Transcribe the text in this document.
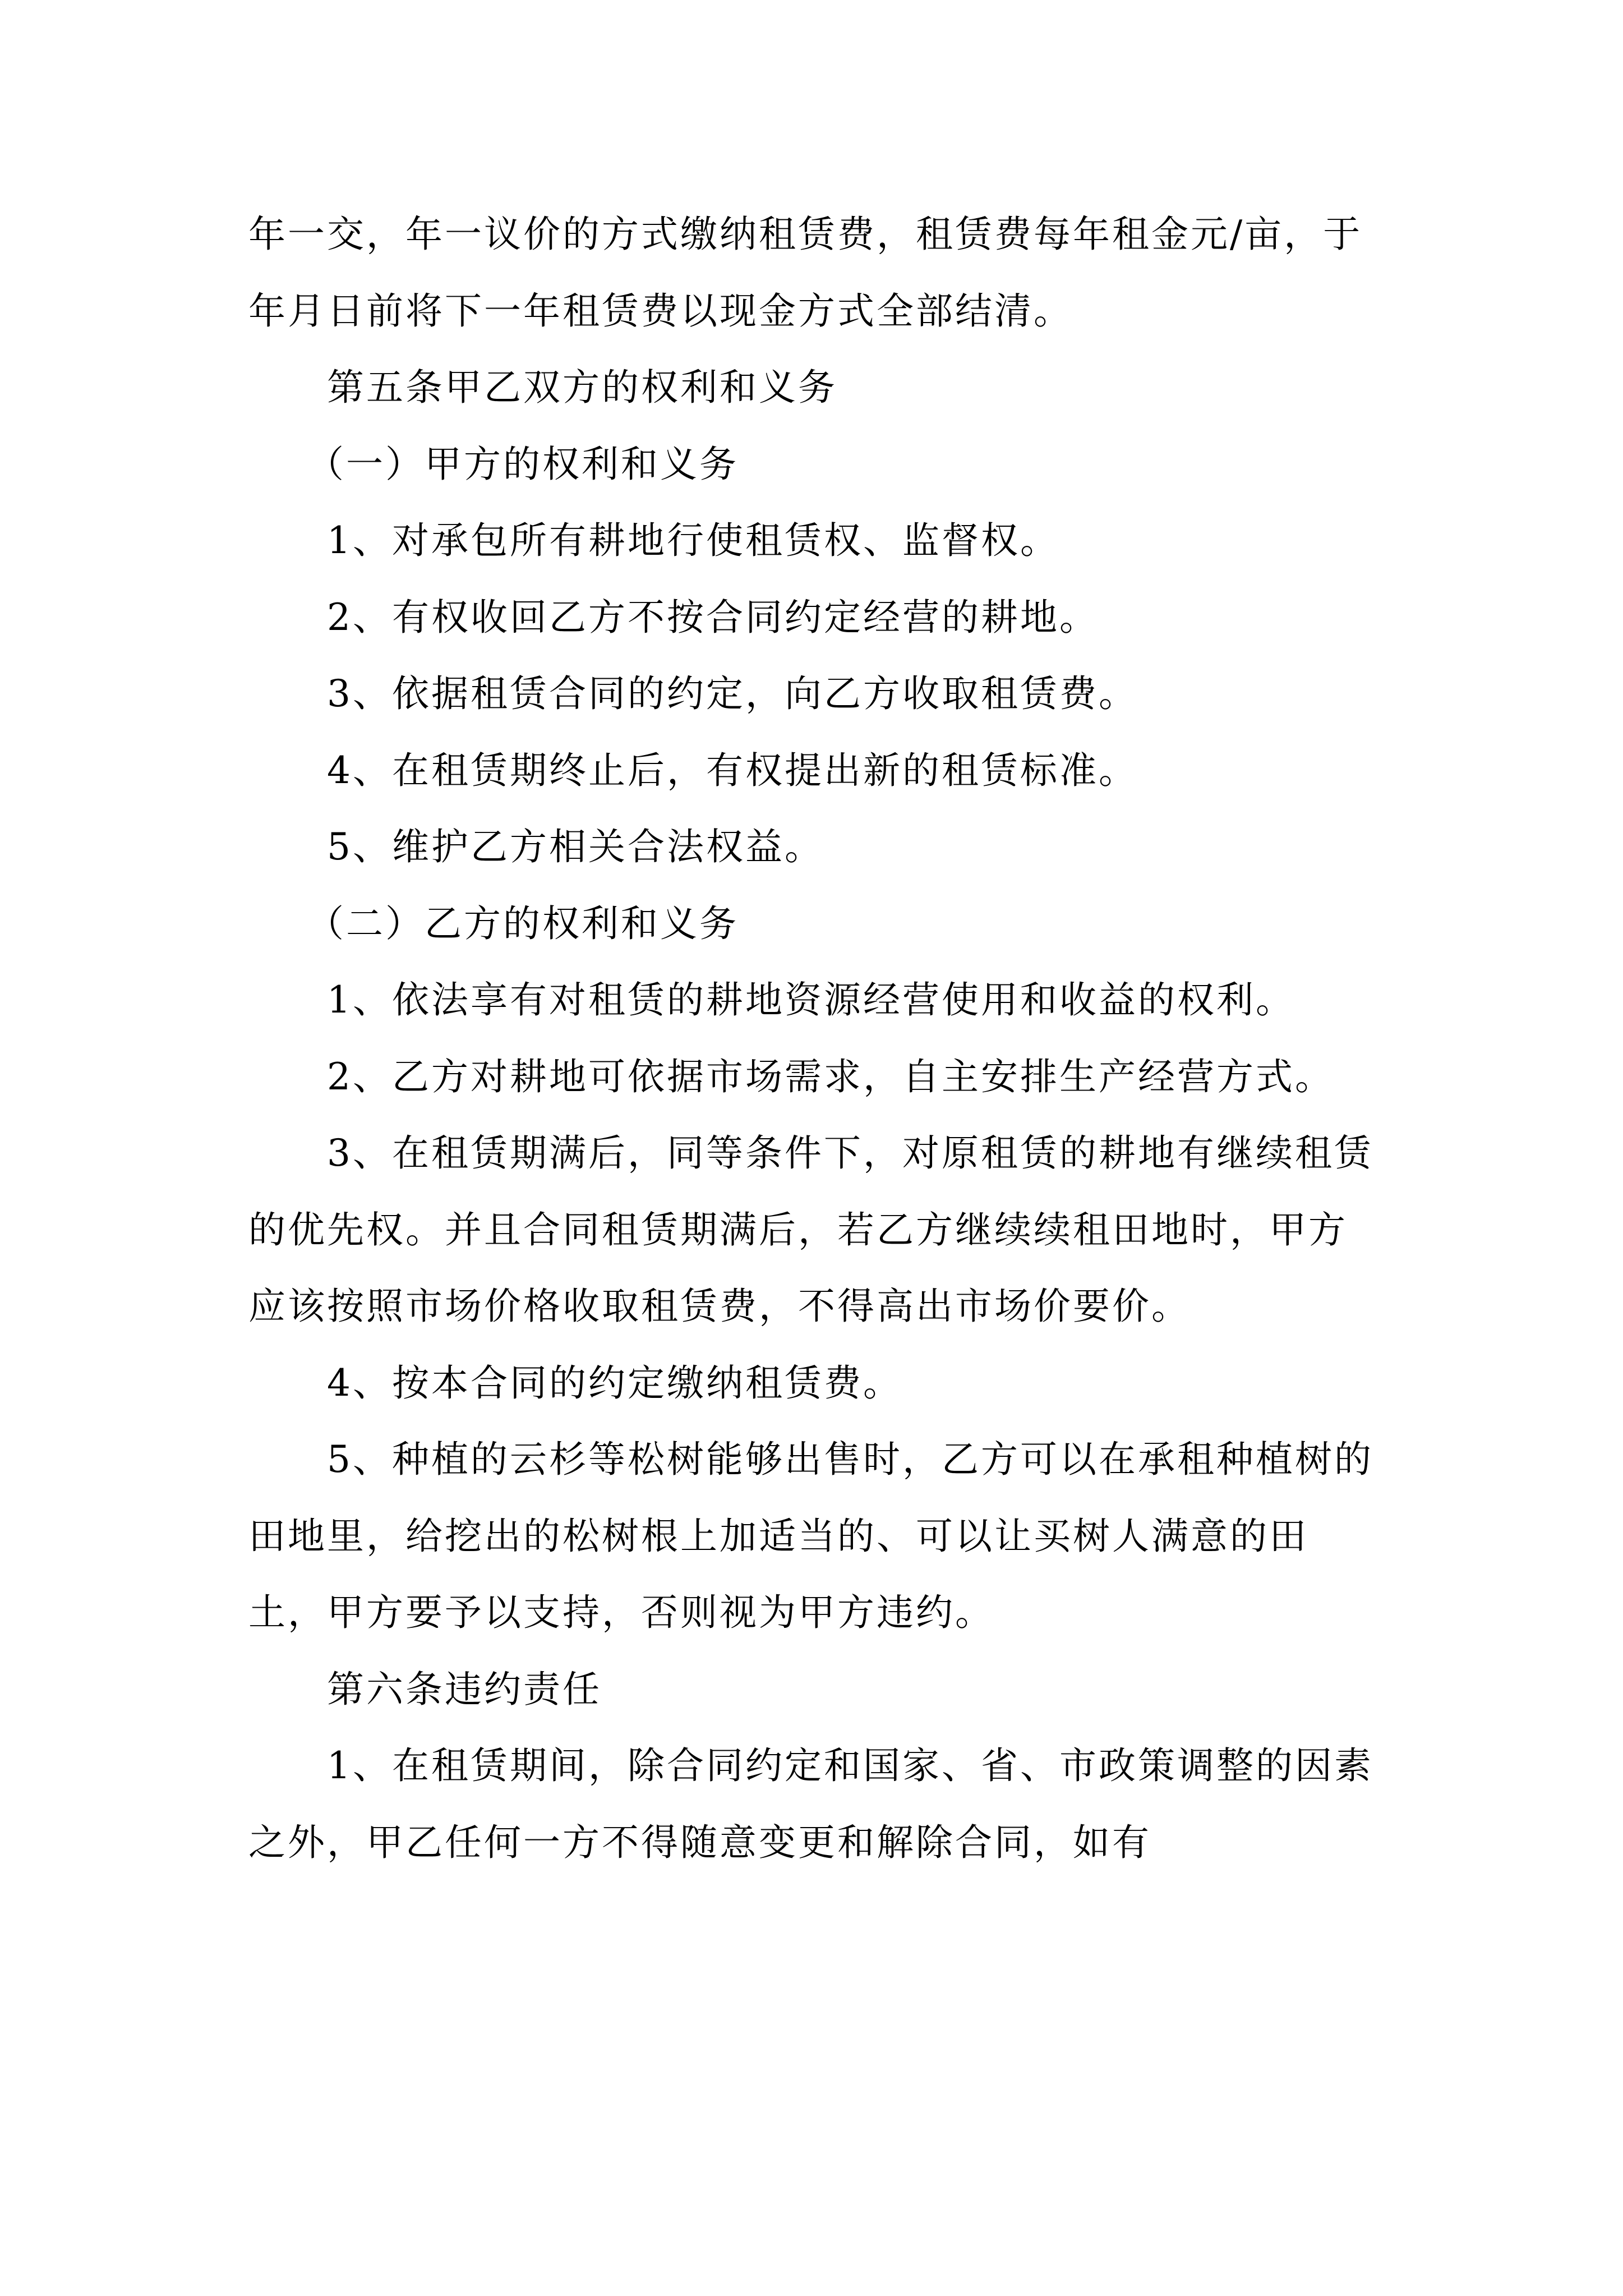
年一交，年一议价的方式缴纳租赁费，租赁费每年租金元/亩，于年月日前将下一年租赁费以现金方式全部结清。

第五条甲乙双方的权利和义务

（一）甲方的权利和义务

1、对承包所有耕地行使租赁权、监督权。

2、有权收回乙方不按合同约定经营的耕地。

3、依据租赁合同的约定，向乙方收取租赁费。

4、在租赁期终止后，有权提出新的租赁标准。

5、维护乙方相关合法权益。

（二）乙方的权利和义务

1、依法享有对租赁的耕地资源经营使用和收益的权利。

2、乙方对耕地可依据市场需求，自主安排生产经营方式。

3、在租赁期满后，同等条件下，对原租赁的耕地有继续租赁的优先权。并且合同租赁期满后，若乙方继续续租田地时，甲方应该按照市场价格收取租赁费，不得高出市场价要价。

4、按本合同的约定缴纳租赁费。

5、种植的云杉等松树能够出售时，乙方可以在承租种植树的田地里，给挖出的松树根上加适当的、可以让买树人满意的田土，甲方要予以支持，否则视为甲方违约。

第六条违约责任

1、在租赁期间，除合同约定和国家、省、市政策调整的因素之外，甲乙任何一方不得随意变更和解除合同，如有
